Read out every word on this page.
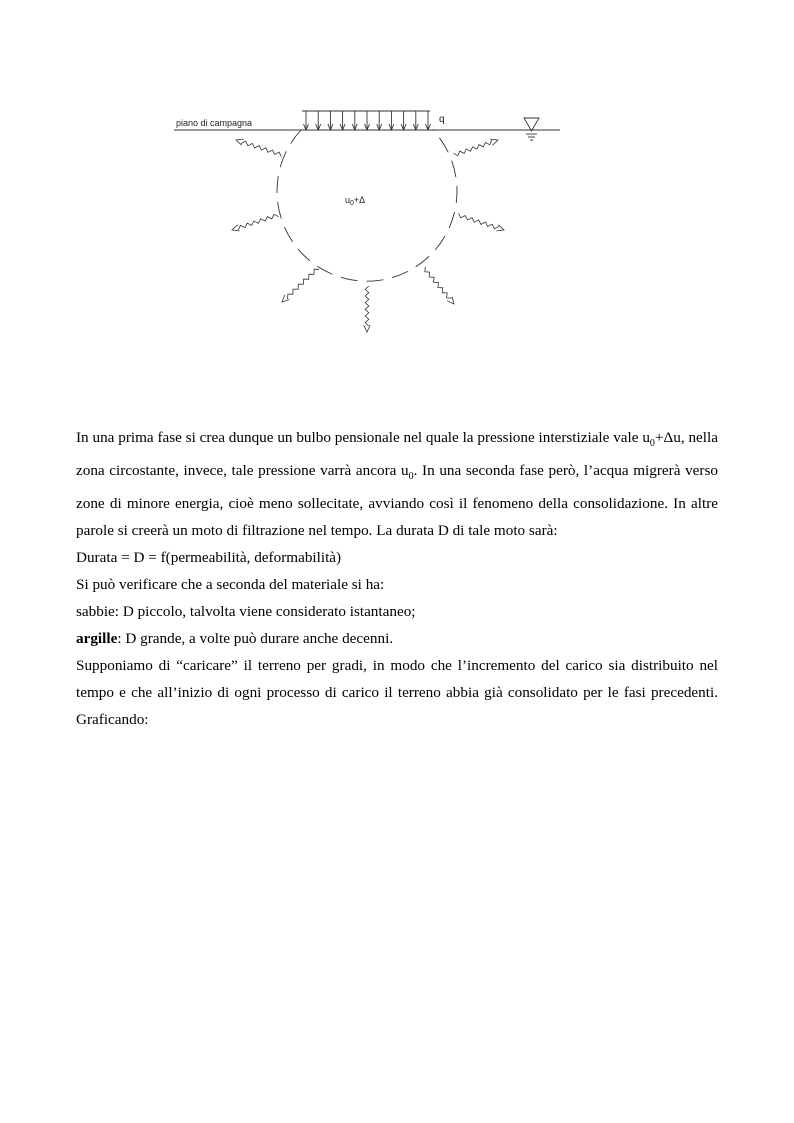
piano di campagna	q
$u_0+\Delta$

In una prima fase si crea dunque un bulbo pensionale nel quale la pressione interstiziale vale $u_0+\Delta u$, nella zona circostante, invece, tale pressione varrà ancora $u_0$. In una seconda fase però, l’acqua migrerà verso zone di minore energia, cioè meno sollecitate, avviando così il fenomeno della consolidazione. In altre parole si creerà un moto di filtrazione nel tempo. La durata D di tale moto sarà:

Durata = D = f(permeabilità, deformabilità)
Si può verificare che a seconda del materiale si ha:
sabbie: D piccolo, talvolta viene considerato istantaneo;
argille: D grande, a volte può durare anche decenni.

Supponiamo di “caricare” il terreno per gradi, in modo che l’incremento del carico sia distribuito nel tempo e che all’inizio di ogni processo di carico il terreno abbia già consolidato per le fasi precedenti. Graficando:
